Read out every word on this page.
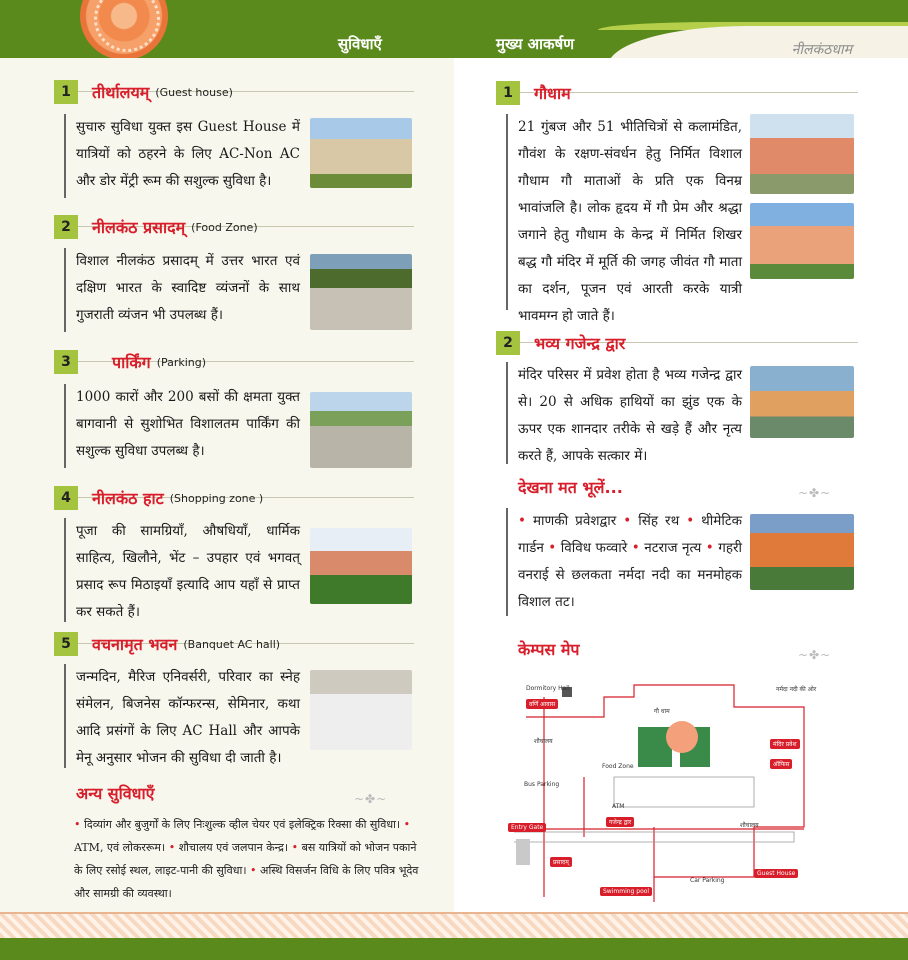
सुविधाएँ	मुख्य आकर्षण	नीलकंठधाम
1	तीर्थालयम् (Guest house)

सुचारु सुविधा युक्त इस Guest House में यात्रियों को ठहरने के लिए AC-Non AC और डोर मेंट्री रूम की सशुल्क सुविधा है।

2	नीलकंठ प्रसादम् (Food Zone)

विशाल नीलकंठ प्रसादम् में उत्तर भारत एवं दक्षिण भारत के स्वादिष्ट व्यंजनों के साथ गुजराती व्यंजन भी उपलब्ध हैं।

3	पार्किंग (Parking)

1000 कारों और 200 बसों की क्षमता युक्त बागवानी से सुशोभित विशालतम पार्किंग की सशुल्क सुविधा उपलब्ध है।

4	नीलकंठ हाट (Shopping zone )

पूजा की सामग्रियाँ, औषधियाँ, धार्मिक साहित्य, खिलौने, भेंट – उपहार एवं भगवत् प्रसाद रूप मिठाइयाँ इत्यादि आप यहाँ से प्राप्त कर सकते हैं।

5	वचनामृत भवन (Banquet AC hall)

जन्मदिन, मैरिज एनिवर्सरी, परिवार का स्नेह संमेलन, बिजनेस कॉन्फरन्स, सेमिनार, कथा आदि प्रसंगों के लिए AC Hall और आपके मेनू अनुसार भोजन की सुविधा दी जाती है।

अन्य सुविधाएँ	~✤~
• दिव्यांग और बुजुर्गों के लिए निःशुल्क व्हील चेयर एवं इलेक्ट्रिक रिक्सा की सुविधा। • ATM, एवं लोकररूम। • शौचालय एवं जलपान केन्द्र। • बस यात्रियों को भोजन पकाने के लिए रसोई स्थल, लाइट-पानी की सुविधा। • अस्थि विसर्जन विधि के लिए पवित्र भूदेव और सामग्री की व्यवस्था।
1	गौधाम

21 गुंबज और 51 भीतिचित्रों से कलामंडित, गौवंश के रक्षण-संवर्धन हेतु निर्मित विशाल गौधाम गौ माताओं के प्रति एक विनम्र भावांजलि है। लोक हृदय में गौ प्रेम और श्रद्धा जगाने हेतु गौधाम के केन्द्र में निर्मित शिखर बद्ध गौ मंदिर में मूर्ति की जगह जीवंत गौ माता का दर्शन, पूजन एवं आरती करके यात्री भावमग्न हो जाते हैं।

2	भव्य गजेन्द्र द्वार

मंदिर परिसर में प्रवेश होता है भव्य गजेन्द्र द्वार से। 20 से अधिक हाथियों का झुंड एक के ऊपर एक शानदार तरीके से खड़े हैं और नृत्य करते हैं, आपके सत्कार में।

देखना मत भूलें...	~✤~

• माणकी प्रवेशद्वार • सिंह रथ • थीमेटिक गार्डन • विविध फव्वारे • नटराज नृत्य • गहरी वनराई से छलकता नर्मदा नदी का मनमोहक विशाल तट।

केम्पस मेप	~✤~
Dormitory Hall
वर्णि आवास
शौचालय
Bus Parking
Food Zone
ATM
गजेन्द्र द्वार
Entry Gate
प्रसादम्
Car Parking
Guest House
Swimming pool
मंदिर प्रवेश
ऑफिस
शौचालय
गौ धाम
नर्मदा नदी की ओर
